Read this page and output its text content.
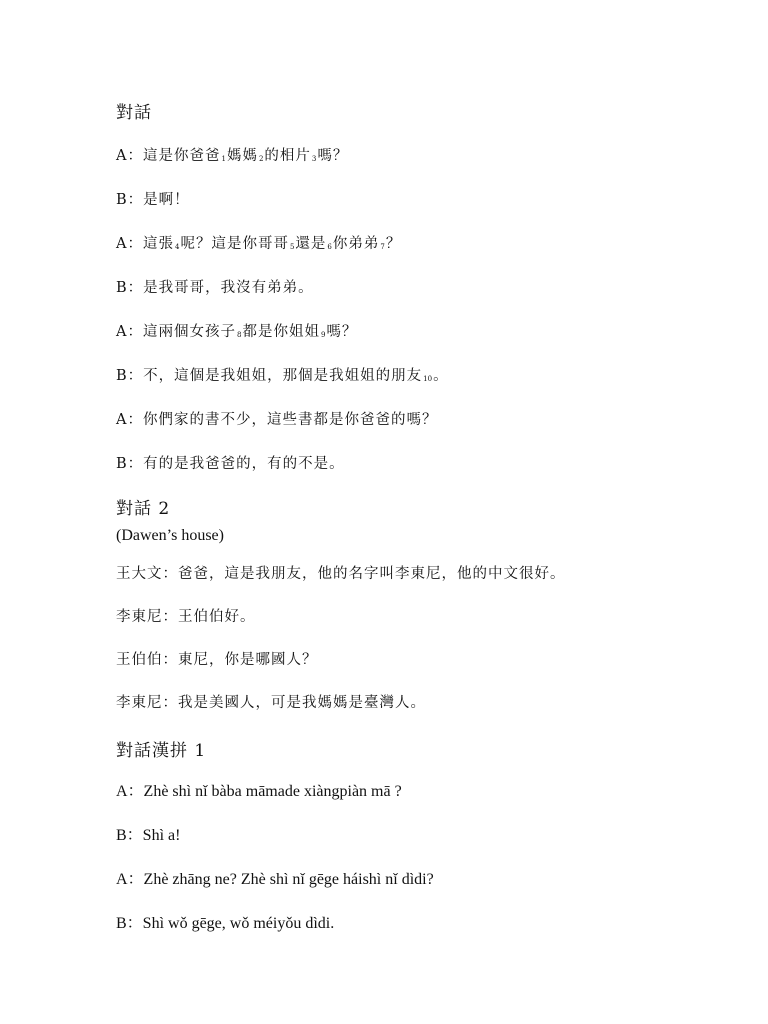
對話
A：這是你爸爸1媽媽2的相片3嗎？
B：是啊！
A：這張4呢？這是你哥哥5還是6你弟弟7？
B：是我哥哥，我沒有弟弟。
A：這兩個女孩子8都是你姐姐9嗎？
B：不，這個是我姐姐，那個是我姐姐的朋友10。
A：你們家的書不少，這些書都是你爸爸的嗎？
B：有的是我爸爸的，有的不是。
對話 2
(Dawen’s house)
王大文：爸爸，這是我朋友，他的名字叫李東尼，他的中文很好。
李東尼：王伯伯好。
王伯伯：東尼，你是哪國人？
李東尼：我是美國人，可是我媽媽是臺灣人。
對話漢拼 1
A：Zhè shì nǐ bàba māmade xiàngpiàn mā ?
B：Shì a!
A：Zhè zhāng ne? Zhè shì nǐ gēge háishì nǐ dìdi?
B：Shì wǒ gēge, wǒ méiyǒu dìdi.
